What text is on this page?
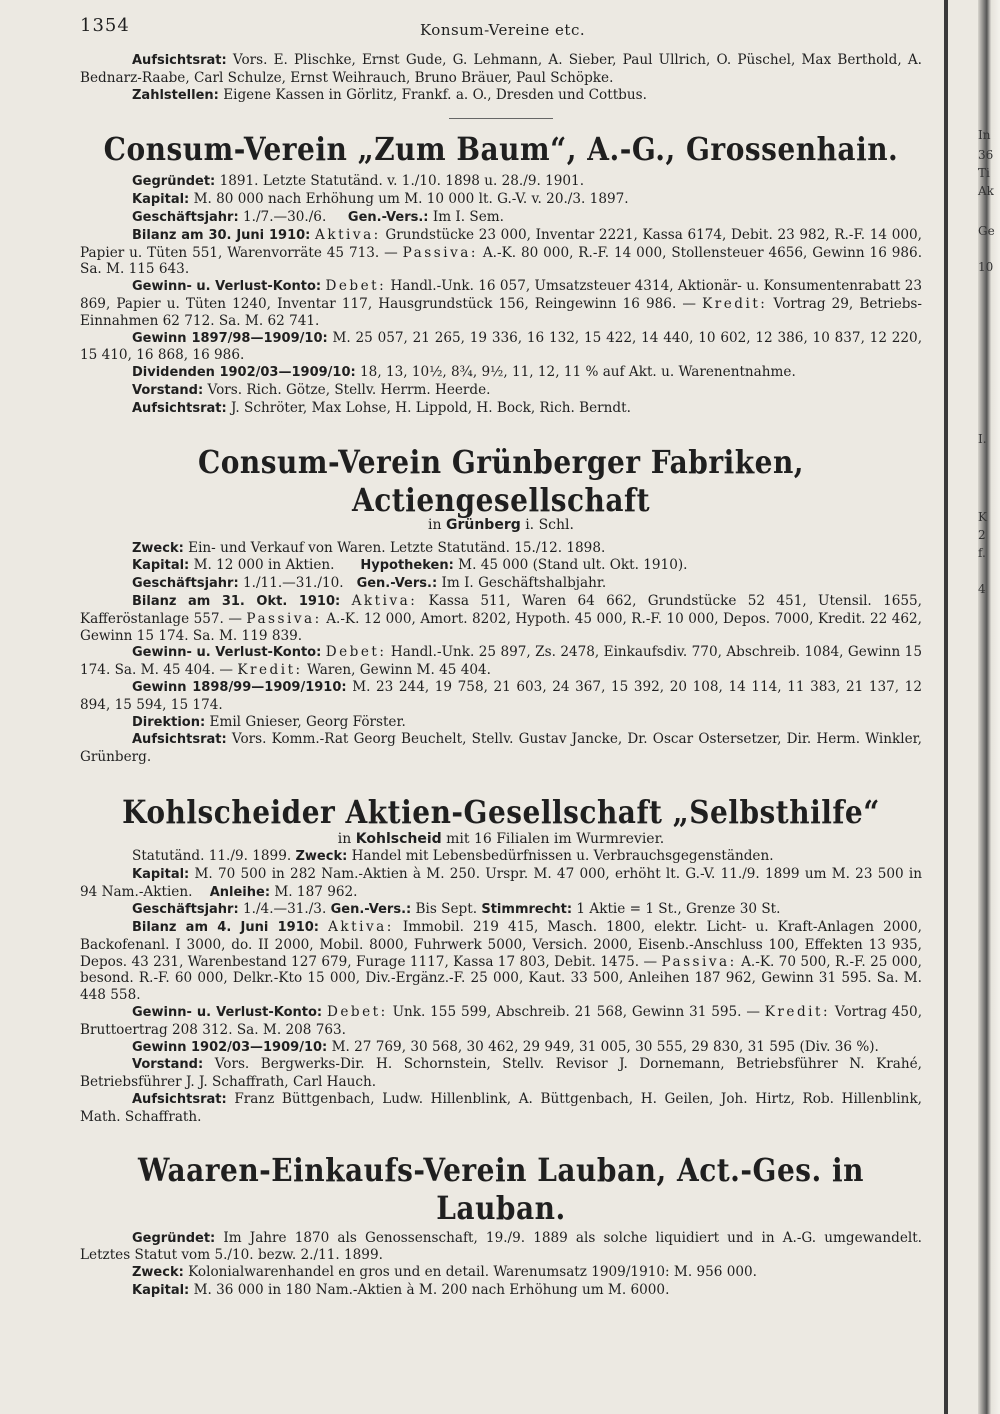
In
36
Ti
Ak
Ge
10
I.
K
2
f.
4
1354	Konsum-Vereine etc.

Aufsichtsrat: Vors. E. Plischke, Ernst Gude, G. Lehmann, A. Sieber, Paul Ullrich, O. Püschel, Max Berthold, A. Bednarz-Raabe, Carl Schulze, Ernst Weihrauch, Bruno Bräuer, Paul Schöpke.

Zahlstellen: Eigene Kassen in Görlitz, Frankf. a. O., Dresden und Cottbus.

Consum-Verein „Zum Baum“, A.-G., Grossenhain.

Gegründet: 1891. Letzte Statutänd. v. 1./10. 1898 u. 28./9. 1901.

Kapital: M. 80 000 nach Erhöhung um M. 10 000 lt. G.-V. v. 20./3. 1897.

Geschäftsjahr: 1./7.—30./6. Gen.-Vers.: Im I. Sem.

Bilanz am 30. Juni 1910: Aktiva: Grundstücke 23 000, Inventar 2221, Kassa 6174, Debit. 23 982, R.-F. 14 000, Papier u. Tüten 551, Warenvorräte 45 713. — Passiva: A.-K. 80 000, R.-F. 14 000, Stollensteuer 4656, Gewinn 16 986. Sa. M. 115 643.

Gewinn- u. Verlust-Konto: Debet: Handl.-Unk. 16 057, Umsatzsteuer 4314, Aktionär- u. Konsumentenrabatt 23 869, Papier u. Tüten 1240, Inventar 117, Hausgrundstück 156, Reingewinn 16 986. — Kredit: Vortrag 29, Betriebs-Einnahmen 62 712. Sa. M. 62 741.

Gewinn 1897/98—1909/10: M. 25 057, 21 265, 19 336, 16 132, 15 422, 14 440, 10 602, 12 386, 10 837, 12 220, 15 410, 16 868, 16 986.

Dividenden 1902/03—1909/10: 18, 13, 10½, 8¾, 9½, 11, 12, 11 % auf Akt. u. Warenentnahme.

Vorstand: Vors. Rich. Götze, Stellv. Herrm. Heerde.

Aufsichtsrat: J. Schröter, Max Lohse, H. Lippold, H. Bock, Rich. Berndt.

Consum-Verein Grünberger Fabriken, Actiengesellschaft
in Grünberg i. Schl.

Zweck: Ein- und Verkauf von Waren. Letzte Statutänd. 15./12. 1898.

Kapital: M. 12 000 in Aktien. Hypotheken: M. 45 000 (Stand ult. Okt. 1910).

Geschäftsjahr: 1./11.—31./10. Gen.-Vers.: Im I. Geschäftshalbjahr.

Bilanz am 31. Okt. 1910: Aktiva: Kassa 511, Waren 64 662, Grundstücke 52 451, Utensil. 1655, Kafferöstanlage 557. — Passiva: A.-K. 12 000, Amort. 8202, Hypoth. 45 000, R.-F. 10 000, Depos. 7000, Kredit. 22 462, Gewinn 15 174. Sa. M. 119 839.

Gewinn- u. Verlust-Konto: Debet: Handl.-Unk. 25 897, Zs. 2478, Einkaufsdiv. 770, Abschreib. 1084, Gewinn 15 174. Sa. M. 45 404. — Kredit: Waren, Gewinn M. 45 404.

Gewinn 1898/99—1909/1910: M. 23 244, 19 758, 21 603, 24 367, 15 392, 20 108, 14 114, 11 383, 21 137, 12 894, 15 594, 15 174.

Direktion: Emil Gnieser, Georg Förster.

Aufsichtsrat: Vors. Komm.-Rat Georg Beuchelt, Stellv. Gustav Jancke, Dr. Oscar Ostersetzer, Dir. Herm. Winkler, Grünberg.

Kohlscheider Aktien-Gesellschaft „Selbsthilfe“
in Kohlscheid mit 16 Filialen im Wurmrevier.

Statutänd. 11./9. 1899. Zweck: Handel mit Lebensbedürfnissen u. Verbrauchsgegenständen.

Kapital: M. 70 500 in 282 Nam.-Aktien à M. 250. Urspr. M. 47 000, erhöht lt. G.-V. 11./9. 1899 um M. 23 500 in 94 Nam.-Aktien. Anleihe: M. 187 962.

Geschäftsjahr: 1./4.—31./3. Gen.-Vers.: Bis Sept. Stimmrecht: 1 Aktie = 1 St., Grenze 30 St.

Bilanz am 4. Juni 1910: Aktiva: Immobil. 219 415, Masch. 1800, elektr. Licht- u. Kraft-Anlagen 2000, Backofenanl. I 3000, do. II 2000, Mobil. 8000, Fuhrwerk 5000, Versich. 2000, Eisenb.-Anschluss 100, Effekten 13 935, Depos. 43 231, Warenbestand 127 679, Furage 1117, Kassa 17 803, Debit. 1475. — Passiva: A.-K. 70 500, R.-F. 25 000, besond. R.-F. 60 000, Delkr.-Kto 15 000, Div.-Ergänz.-F. 25 000, Kaut. 33 500, Anleihen 187 962, Gewinn 31 595. Sa. M. 448 558.

Gewinn- u. Verlust-Konto: Debet: Unk. 155 599, Abschreib. 21 568, Gewinn 31 595. — Kredit: Vortrag 450, Bruttoertrag 208 312. Sa. M. 208 763.

Gewinn 1902/03—1909/10: M. 27 769, 30 568, 30 462, 29 949, 31 005, 30 555, 29 830, 31 595 (Div. 36 %).

Vorstand: Vors. Bergwerks-Dir. H. Schornstein, Stellv. Revisor J. Dornemann, Betriebsführer N. Krahé, Betriebsführer J. J. Schaffrath, Carl Hauch.

Aufsichtsrat: Franz Büttgenbach, Ludw. Hillenblink, A. Büttgenbach, H. Geilen, Joh. Hirtz, Rob. Hillenblink, Math. Schaffrath.

Waaren-Einkaufs-Verein Lauban, Act.-Ges. in Lauban.

Gegründet: Im Jahre 1870 als Genossenschaft, 19./9. 1889 als solche liquidiert und in A.-G. umgewandelt. Letztes Statut vom 5./10. bezw. 2./11. 1899.

Zweck: Kolonialwarenhandel en gros und en detail. Warenumsatz 1909/1910: M. 956 000.

Kapital: M. 36 000 in 180 Nam.-Aktien à M. 200 nach Erhöhung um M. 6000.
